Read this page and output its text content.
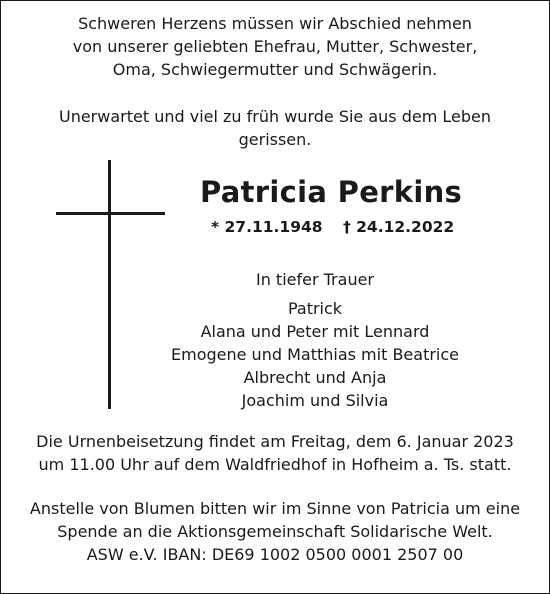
Schweren Herzens müssen wir Abschied nehmen
von unserer geliebten Ehefrau, Mutter, Schwester,
Oma, Schwiegermutter und Schwägerin.
Unerwartet und viel zu früh wurde Sie aus dem Leben
gerissen.
Patricia Perkins
* 27.11.1948 † 24.12.2022
In tiefer Trauer
Patrick
Alana und Peter mit Lennard
Emogene und Matthias mit Beatrice
Albrecht und Anja
Joachim und Silvia
Die Urnenbeisetzung findet am Freitag, dem 6. Januar 2023
um 11.00 Uhr auf dem Waldfriedhof in Hofheim a. Ts. statt.
Anstelle von Blumen bitten wir im Sinne von Patricia um eine
Spende an die Aktionsgemeinschaft Solidarische Welt.
ASW e.V. IBAN: DE69 1002 0500 0001 2507 00
